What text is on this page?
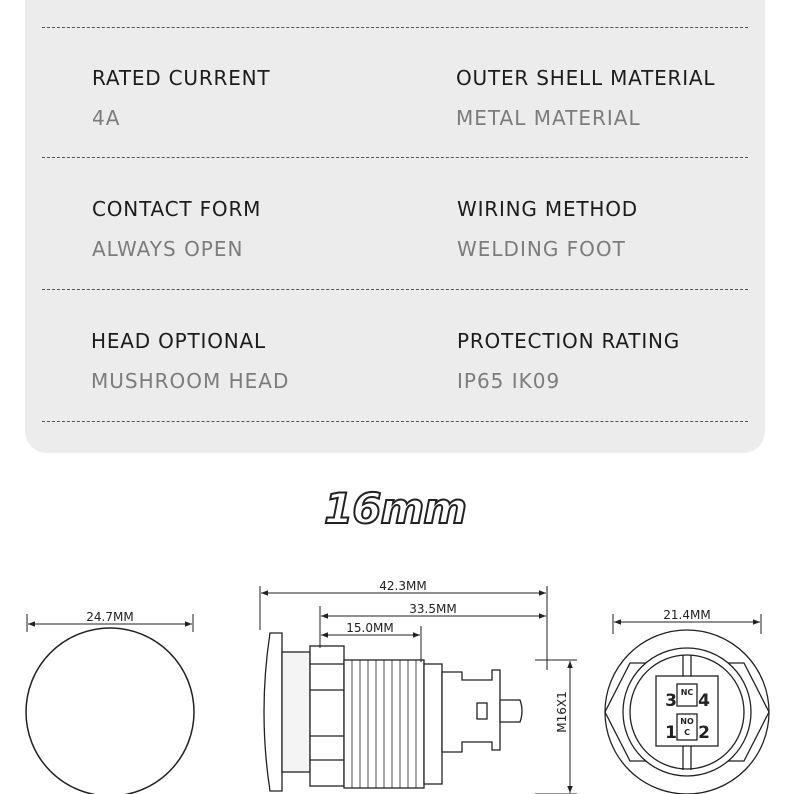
RATED CURRENT
4A
OUTER SHELL MATERIAL
METAL MATERIAL
CONTACT FORM
ALWAYS OPEN
WIRING METHOD
WELDING FOOT
HEAD OPTIONAL
MUSHROOM HEAD
PROTECTION RATING
IP65 IK09
16mm
24.7MM
42.3MM
33.5MM
15.0MM
M16X1
21.4MM
3 4
1 2
NC
NO
C
